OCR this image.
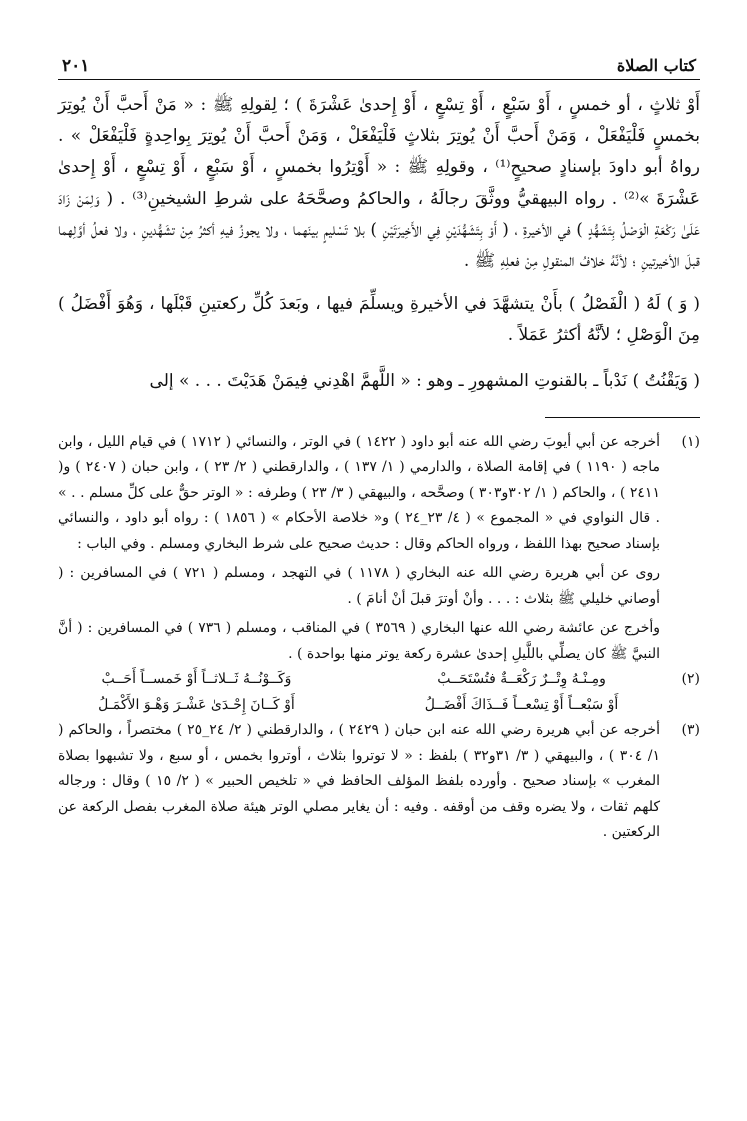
كتاب الصلاة
٢٠١

أَوْ ثلاثٍ ، أو خمسٍ ، أَوْ سَبْعٍ ، أَوْ تِسْعٍ ، أَوْ إِحدىٰ عَشْرَةَ ) ؛ لِقولِهِ ﷺ : « مَنْ أَحبَّ أَنْ يُوتِرَ بخمسٍ فَلْيَفْعَلْ ، وَمَنْ أَحبَّ أَنْ يُوتِرَ بثلاثٍ فَلْيَفْعَلْ ، وَمَنْ أَحبَّ أَنْ يُوتِرَ بِواحِدةٍ فَلْيَفْعَلْ » . رواهُ أبو داودَ بإسنادٍ صحيحٍ⁽¹⁾ ، وقولِهِ ﷺ : « أَوْتِرُوا بخمسٍ ، أَوْ سَبْعٍ ، أَوْ تِسْعٍ ، أَوْ إِحدىٰ عَشْرَةَ »⁽²⁾ . رواه البيهقيُّ ووثَّقَ رجالَهُ ، والحاكمُ وصحَّحَهُ على شرطِ الشيخينِ⁽³⁾ . ( وَلِمَنْ زَادَ عَلَىٰ رَكْعَةِ الْوَصْلُ بِتَشَهُّدٍ ) في الأخيرةِ ، ( أَوْ بِتَشَهُّدَيْنِ فِي الأَخِيرَتَيْنِ ) بلا تَسْليمٍ بينَهما ، ولا يجوزُ فيهِ أكثرُ مِنْ تشَهُّدينِ ، ولا فعلُ أوَّلِهما قبلَ الأخيرتينِ ؛ لأنَّهُ خلافُ المنقولِ مِنْ فعلِهِ ﷺ .

( وَ ) لَهُ ( الْفَصْلُ ) بأَنْ يتشهَّدَ في الأخيرةِ ويسلِّمَ فيها ، وبَعدَ كُلِّ ركعتينِ قَبْلَها ، وَهُوَ أَفْضَلُ ) مِنَ الْوَصْلِ ؛ لأنَّهُ أكثرُ عَمَلاً .

( وَيَقْنُتُ ) نَدْباً ـ بالقنوتِ المشهورِ ـ وهو : « اللَّهمَّ اهْدِني فِيمَنْ هَدَيْتَ . . . » إلى

(١)

أخرجه عن أبي أيوبَ رضي الله عنه أبو داود ( ١٤٢٢ ) في الوتر ، والنسائي ( ١٧١٢ ) في قيام الليل ، وابن ماجه ( ١١٩٠ ) في إقامة الصلاة ، والدارمي ( ١/ ١٣٧ ) ، والدارقطني ( ٢/ ٢٣ ) ، وابن حبان ( ٢٤٠٧ ) و( ٢٤١١ ) ، والحاكم ( ١/ ٣٠٢و٣٠٣ ) وصحَّحه ، والبيهقي ( ٣/ ٢٣ ) وطرفه : « الوتر حقٌّ على كلِّ مسلم . . » . قال النواوي في « المجموع » ( ٤/ ٢٣_٢٤ ) و« خلاصة الأحكام » ( ١٨٥٦ ) : رواه أبو داود ، والنسائي بإسناد صحيح بهذا اللفظ ، ورواه الحاكم وقال : حديث صحيح على شرط البخاري ومسلم . وفي الباب :

روى عن أبي هريرة رضي الله عنه البخاري ( ١١٧٨ ) في التهجد ، ومسلم ( ٧٢١ ) في المسافرين : ( أوصاني خليلي ﷺ بثلاث : . . . وأنْ أوترَ قبلَ أنْ أنامَ ) .

وأخرج عن عائشة رضي الله عنها البخاري ( ٣٥٦٩ ) في المناقب ، ومسلم ( ٧٣٦ ) في المسافرين : ( أنَّ النبيَّ ﷺ كان يصلِّي باللَّيلِ إحدىٰ عشرة ركعة يوتر منها بواحدة ) .

(٢)
ومِـنْـهُ وِتْــرٌ رَكْعَــةٌ فتُسْتَحَــبْ
وَكَــوْنُــهُ ثَــلاثــاً أَوْ خَمســاً أَحَــبْ
أَوْ سَبْعــاً أَوْ تِسْعــاً فَــذَاكَ أَفْضَــلُ
أَوْ كَــانَ إِحْـدَىٰ عَشْـرَ وَهْـوَ الأَكْمَـلُ
(٣)

أخرجه عن أبي هريرة رضي الله عنه ابن حبان ( ٢٤٢٩ ) ، والدارقطني ( ٢/ ٢٤_٢٥ ) مختصراً ، والحاكم ( ١/ ٣٠٤ ) ، والبيهقي ( ٣/ ٣١و٣٢ ) بلفظ : « لا توتروا بثلاث ، أوتروا بخمس ، أو سبع ، ولا تشبهوا بصلاة المغرب » بإسناد صحيح . وأورده بلفظ المؤلف الحافظ في « تلخيص الحبير » ( ٢/ ١٥ ) وقال : ورجاله كلهم ثقات ، ولا يضره وقف من أوقفه . وفيه : أن يغاير مصلي الوتر هيئة صلاة المغرب بفصل الركعة عن الركعتين .
